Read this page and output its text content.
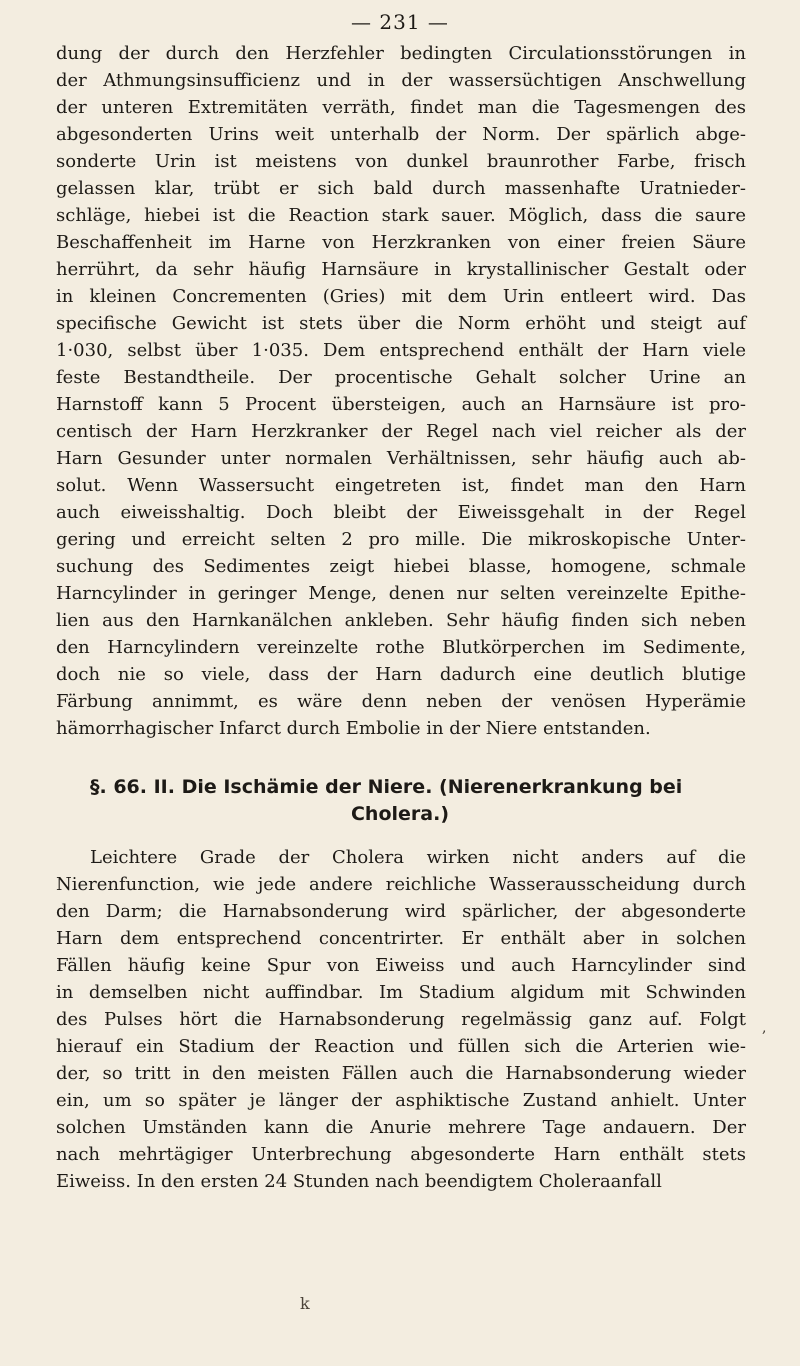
— 231 —
dung der durch den Herzfehler bedingten Circulationsstörungen in
der Athmungsinsufficienz und in der wassersüchtigen Anschwellung
der unteren Extremitäten verräth, findet man die Tagesmengen des
abgesonderten Urins weit unterhalb der Norm. Der spärlich abge-
sonderte Urin ist meistens von dunkel braunrother Farbe, frisch
gelassen klar, trübt er sich bald durch massenhafte Uratnieder-
schläge, hiebei ist die Reaction stark sauer. Möglich, dass die saure
Beschaffenheit im Harne von Herzkranken von einer freien Säure
herrührt, da sehr häufig Harnsäure in krystallinischer Gestalt oder
in kleinen Concrementen (Gries) mit dem Urin entleert wird. Das
specifische Gewicht ist stets über die Norm erhöht und steigt auf
1·030, selbst über 1·035. Dem entsprechend enthält der Harn viele
feste Bestandtheile. Der procentische Gehalt solcher Urine an
Harnstoff kann 5 Procent übersteigen, auch an Harnsäure ist pro-
centisch der Harn Herzkranker der Regel nach viel reicher als der
Harn Gesunder unter normalen Verhältnissen, sehr häufig auch ab-
solut. Wenn Wassersucht eingetreten ist, findet man den Harn
auch eiweisshaltig. Doch bleibt der Eiweissgehalt in der Regel
gering und erreicht selten 2 pro mille. Die mikroskopische Unter-
suchung des Sedimentes zeigt hiebei blasse, homogene, schmale
Harncylinder in geringer Menge, denen nur selten vereinzelte Epithe-
lien aus den Harnkanälchen ankleben. Sehr häufig finden sich neben
den Harncylindern vereinzelte rothe Blutkörperchen im Sedimente,
doch nie so viele, dass der Harn dadurch eine deutlich blutige
Färbung annimmt, es wäre denn neben der venösen Hyperämie
hämorrhagischer Infarct durch Embolie in der Niere entstanden.
§. 66. II. Die Ischämie der Niere. (Nierenerkrankung bei
Cholera.)
Leichtere Grade der Cholera wirken nicht anders auf die
Nierenfunction, wie jede andere reichliche Wasserausscheidung durch
den Darm; die Harnabsonderung wird spärlicher, der abgesonderte
Harn dem entsprechend concentrirter. Er enthält aber in solchen
Fällen häufig keine Spur von Eiweiss und auch Harncylinder sind
in demselben nicht auffindbar. Im Stadium algidum mit Schwinden
des Pulses hört die Harnabsonderung regelmässig ganz auf. Folgt
hierauf ein Stadium der Reaction und füllen sich die Arterien wie-
der, so tritt in den meisten Fällen auch die Harnabsonderung wieder
ein, um so später je länger der asphiktische Zustand anhielt. Unter
solchen Umständen kann die Anurie mehrere Tage andauern. Der
nach mehrtägiger Unterbrechung abgesonderte Harn enthält stets
Eiweiss. In den ersten 24 Stunden nach beendigtem Choleraanfall
,
k
